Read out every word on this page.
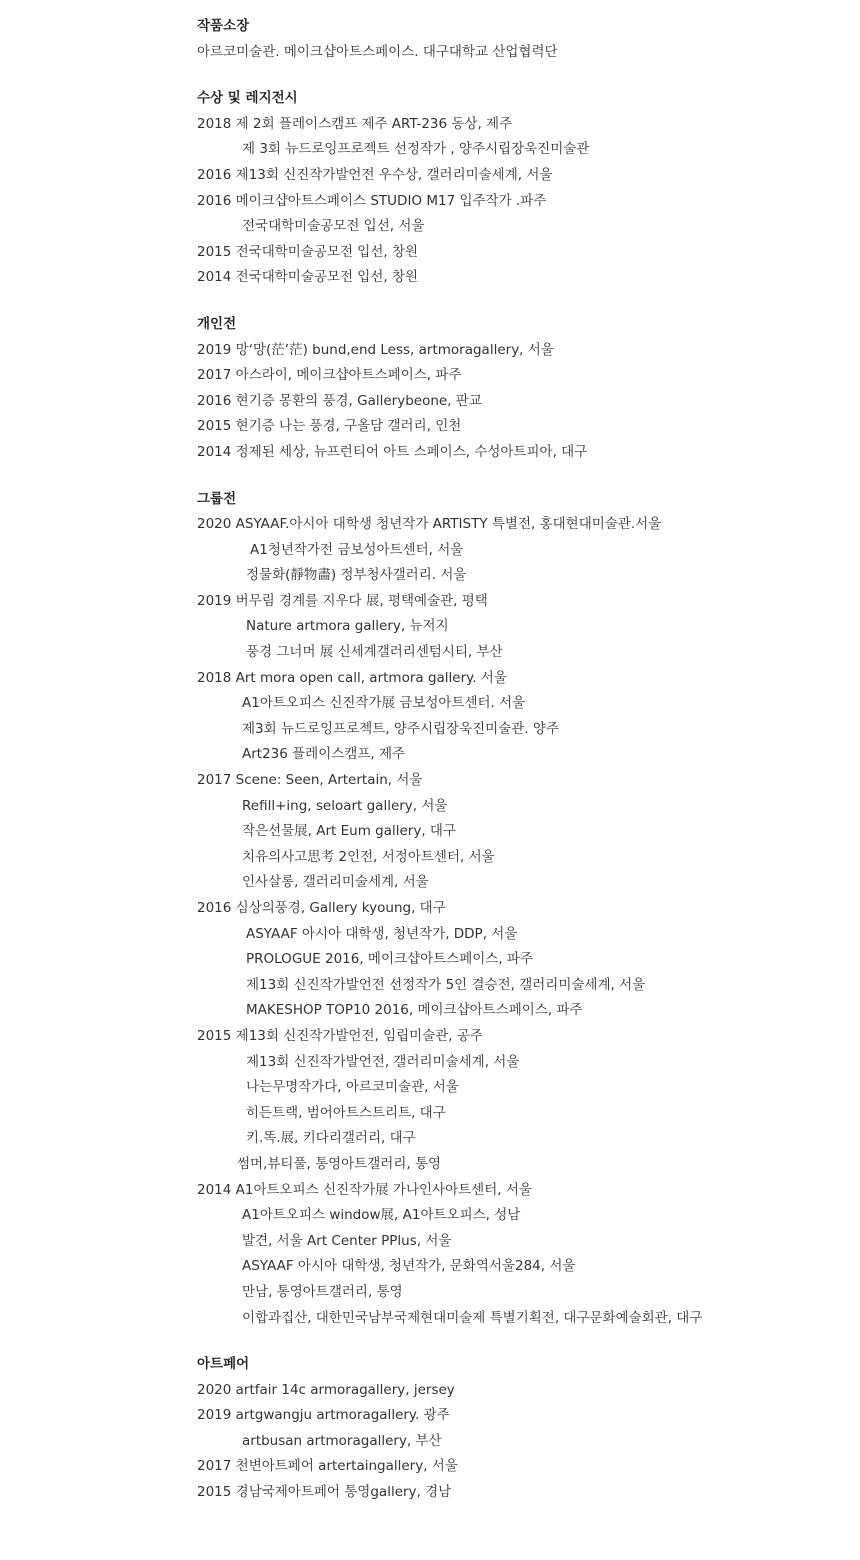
작품소장
아르코미술관. 메이크샵아트스페이스. 대구대학교 산업협력단
수상 및 레지전시
2018 제 2회 플레이스캠프 제주 ART-236 동상, 제주
제 3회 뉴드로잉프로젝트 선정작가 , 양주시립장욱진미술관
2016 제13회 신진작가발언전 우수상, 갤러리미술세계, 서울
2016 메이크샵아트스페이스 STUDIO M17 입주작가 .파주
전국대학미술공모전 입선, 서울
2015 전국대학미술공모전 입선, 창원
2014 전국대학미술공모전 입선, 창원
개인전
2019 망‘망(茫’茫) bund,end Less, artmoragallery, 서울
2017 아스라이, 메이크샵아트스페이스, 파주
2016 현기증 몽환의 풍경, Gallerybeone, 판교
2015 현기증 나는 풍경, 구올담 갤러리, 인천
2014 정제된 세상, 뉴프런티어 아트 스페이스, 수성아트피아, 대구
그룹전
2020 ASYAAF.아시아 대학생 청년작가 ARTISTY 특별전, 홍대현대미술관.서울
A1청년작가전 금보성아트센터, 서울
정물화(靜物畵) 정부청사갤러리. 서울
2019 버무림 경계를 지우다 展, 평택예술관, 평택
Nature artmora gallery, 뉴저지
풍경 그너머 展 신세계갤러리센텀시티, 부산
2018 Art mora open call, artmora gallery. 서울
A1아트오피스 신진작가展 금보성아트센터. 서울
제3회 뉴드로잉프로젝트, 양주시립장욱진미술관. 양주
Art236 플레이스캠프, 제주
2017 Scene: Seen, Artertain, 서울
Refill+ing, seloart gallery, 서울
작은선물展, Art Eum gallery, 대구
치유의사고思考 2인전, 서정아트센터, 서울
인사살롱, 갤러리미술세계, 서울
2016 심상의풍경, Gallery kyoung, 대구
ASYAAF 아시아 대학생, 청년작가, DDP, 서울
PROLOGUE 2016, 메이크샵아트스페이스, 파주
제13회 신진작가발언전 선정작가 5인 결승전, 갤러리미술세계, 서울
MAKESHOP TOP10 2016, 메이크샵아트스페이스, 파주
2015 제13회 신진작가발언전, 임립미술관, 공주
제13회 신진작가발언전, 갤러리미술세계, 서울
나는무명작가다, 아르코미술관, 서울
히든트랙, 범어아트스트리트, 대구
키.똑.展, 키다리갤러리, 대구
썸머,뷰티풀, 통영아트갤러리, 통영
2014 A1아트오피스 신진작가展 가나인사아트센터, 서울
A1아트오피스 window展, A1아트오피스, 성남
발견, 서울 Art Center PPlus, 서울
ASYAAF 아시아 대학생, 청년작가, 문화역서울284, 서울
만남, 통영아트갤러리, 통영
이합과집산, 대한민국남부국제현대미술제 특별기획전, 대구문화예술회관, 대구
아트페어
2020 artfair 14c armoragallery, jersey
2019 artgwangju artmoragallery. 광주
artbusan artmoragallery, 부산
2017 천변아트페어 artertaingallery, 서울
2015 경남국제아트페어 통영gallery, 경남
